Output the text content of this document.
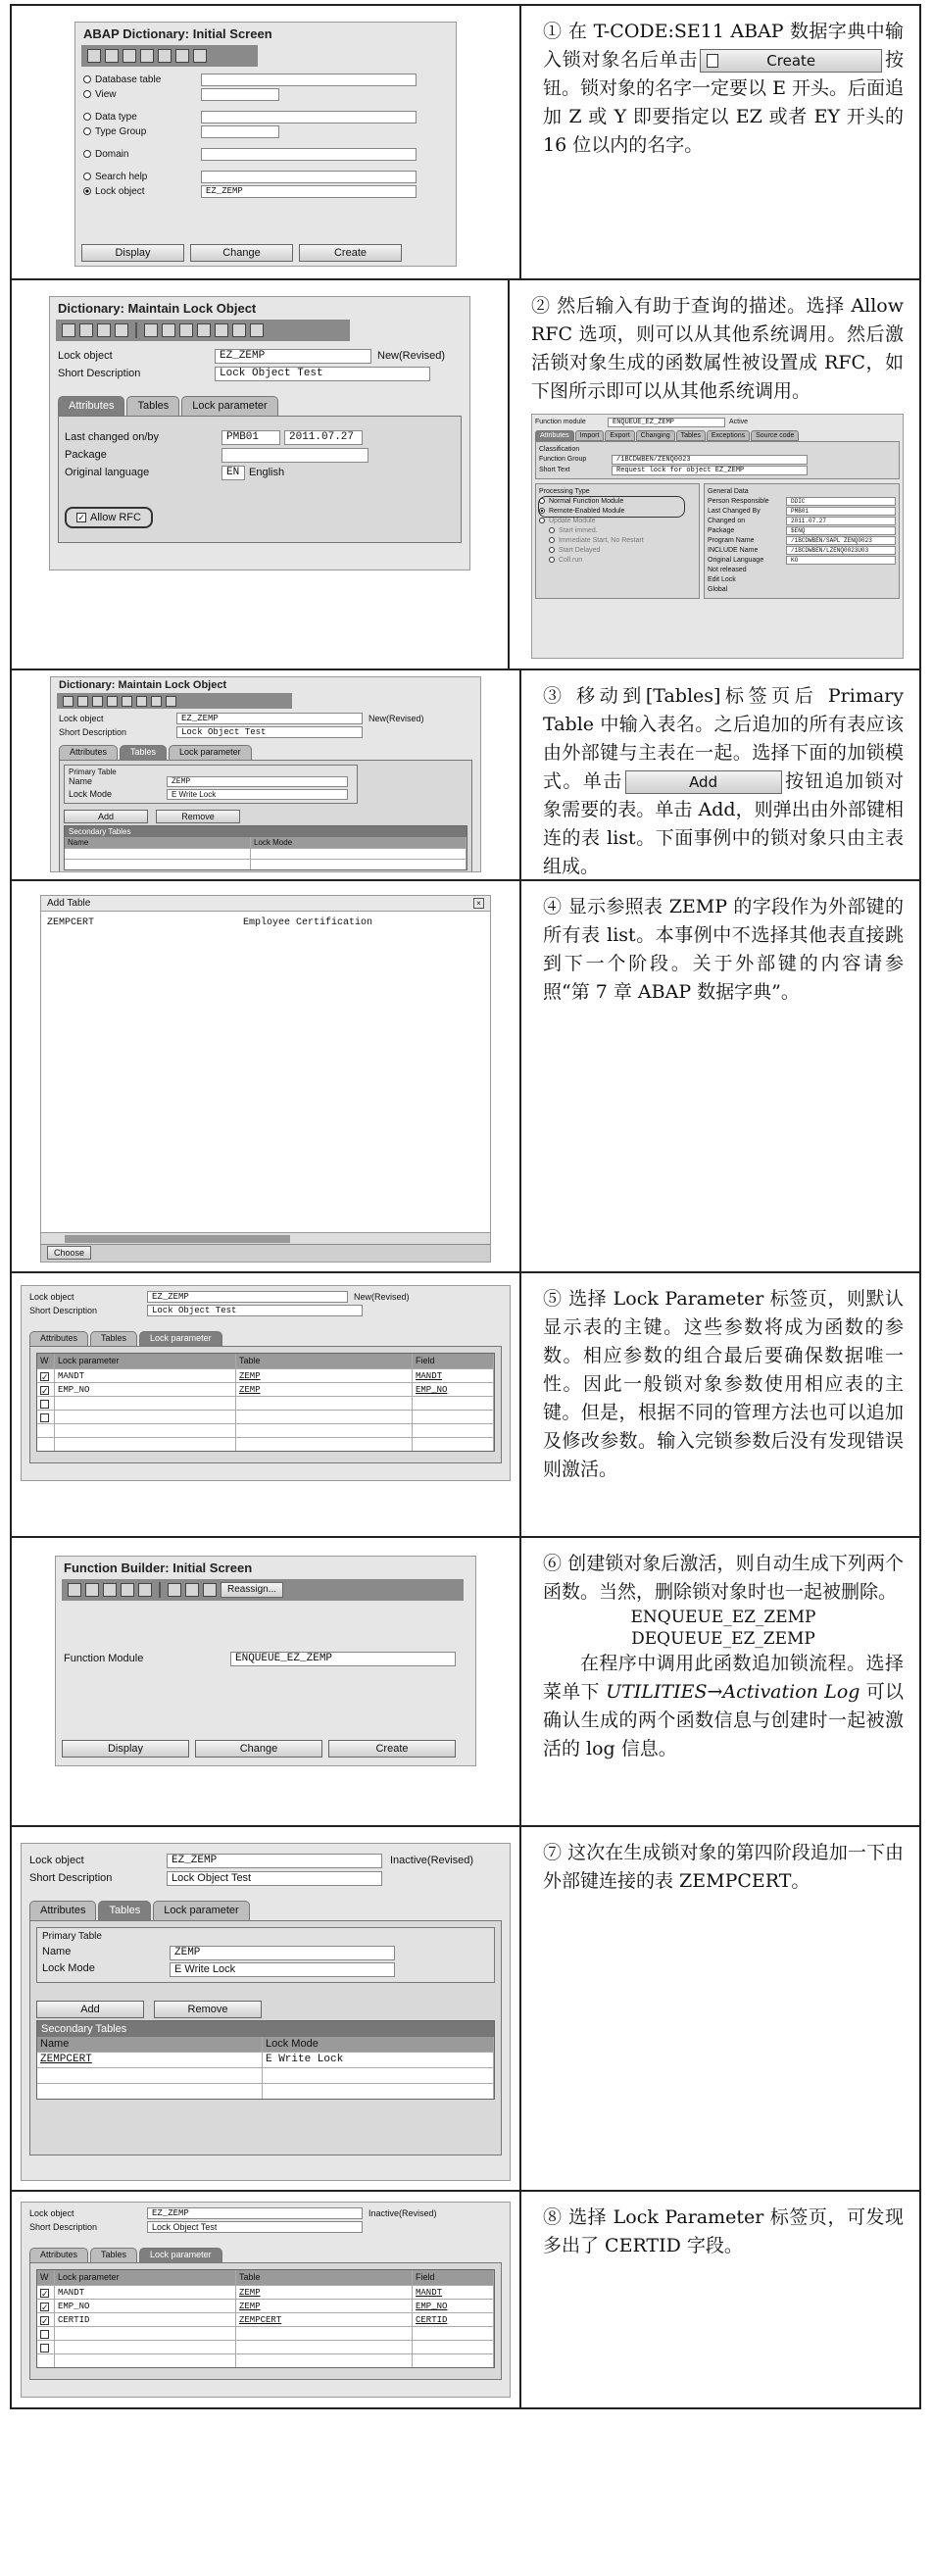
ABAP Dictionary: Initial Screen
Database table
View
Data type
Type Group
Domain
Search help
Lock object	EZ_ZEMP
Display	Change	Create

① 在 T-CODE:SE11 ABAP 数据字典中输入锁对象名后单击	Create	按钮。锁对象的名字一定要以 E 开头。后面追加 Z 或 Y 即要指定以 EZ 或者 EY 开头的 16 位以内的名字。

Dictionary: Maintain Lock Object
Lock object	EZ_ZEMP	New(Revised)
Short Description	Lock Object Test
Attributes	Tables	Lock parameter
Last changed on/by	PMB01	2011.07.27
Package
Original language	EN English
✓ Allow RFC

② 然后输入有助于查询的描述。选择 Allow RFC 选项，则可以从其他系统调用。然后激活锁对象生成的函数属性被设置成 RFC，如下图所示即可以从其他系统调用。

Function module	ENQUEUE_EZ_ZEMP	Active
Attributes	Import	Export	Changing	Tables	Exceptions	Source code
Classification
Function Group	/1BCDWBEN/ZENQ0023
Short Text	Request lock for object EZ_ZEMP
Processing Type
Normal Function Module
Remote-Enabled Module
Update Module
Start immed.
Immediate Start, No Restart
Start Delayed
Coll.run
General Data
Person Responsible	DDIC
Last Changed By	PMB01
Changed on	2011.07.27
Package	$ENQ
Program Name	/1BCDWBEN/SAPL ZENQ0023
INCLUDE Name	/1BCDWBEN/LZENQ0023U03
Original Language	KO
Not released
Edit Lock
Global
Dictionary: Maintain Lock Object
Lock object	EZ_ZEMP	New(Revised)
Short Description	Lock Object Test
Attributes	Tables	Lock parameter
Primary Table
Name	ZEMP
Lock Mode	E Write Lock
Add	Remove
Secondary Tables
Name	Lock Mode

③ 移动到[Tables]标签页后 Primary Table 中输入表名。之后追加的所有表应该由外部键与主表在一起。选择下面的加锁模式。单击	Add	按钮追加锁对象需要的表。单击 Add，则弹出由外部键相连的表 list。下面事例中的锁对象只由主表组成。

Add Table	×
ZEMPCERT	Employee Certification
Choose

④ 显示参照表 ZEMP 的字段作为外部键的所有表 list。本事例中不选择其他表直接跳到下一个阶段。关于外部键的内容请参照“第 7 章 ABAP 数据字典”。

Lock object	EZ_ZEMP	New(Revised)
Short Description	Lock Object Test
Attributes	Tables	Lock parameter
W	Lock parameter	Table	Field
✓	MANDT	ZEMP	MANDT
✓	EMP_NO	ZEMP	EMP_NO

⑤ 选择 Lock Parameter 标签页，则默认显示表的主键。这些参数将成为函数的参数。相应参数的组合最后要确保数据唯一性。因此一般锁对象参数使用相应表的主键。但是，根据不同的管理方法也可以追加及修改参数。输入完锁参数后没有发现错误则激活。

Function Builder: Initial Screen
Reassign...
Function Module	ENQUEUE_EZ_ZEMP
Display	Change	Create

⑥ 创建锁对象后激活，则自动生成下列两个函数。当然，删除锁对象时也一起被删除。

ENQUEUE_EZ_ZEMP

DEQUEUE_EZ_ZEMP

在程序中调用此函数追加锁流程。选择菜单下 UTILITIES→Activation Log 可以确认生成的两个函数信息与创建时一起被激活的 log 信息。

Lock object	EZ_ZEMP	Inactive(Revised)
Short Description	Lock Object Test
Attributes	Tables	Lock parameter
Primary Table
Name	ZEMP
Lock Mode	E Write Lock
Add	Remove
Secondary Tables
Name	Lock Mode
ZEMPCERT	E Write Lock

⑦ 这次在生成锁对象的第四阶段追加一下由外部键连接的表 ZEMPCERT。

Lock object	EZ_ZEMP	Inactive(Revised)
Short Description	Lock Object Test
Attributes	Tables	Lock parameter
W	Lock parameter	Table	Field
✓	MANDT	ZEMP	MANDT
✓	EMP_NO	ZEMP	EMP_NO
✓	CERTID	ZEMPCERT	CERTID

⑧ 选择 Lock Parameter 标签页，可发现多出了 CERTID 字段。
